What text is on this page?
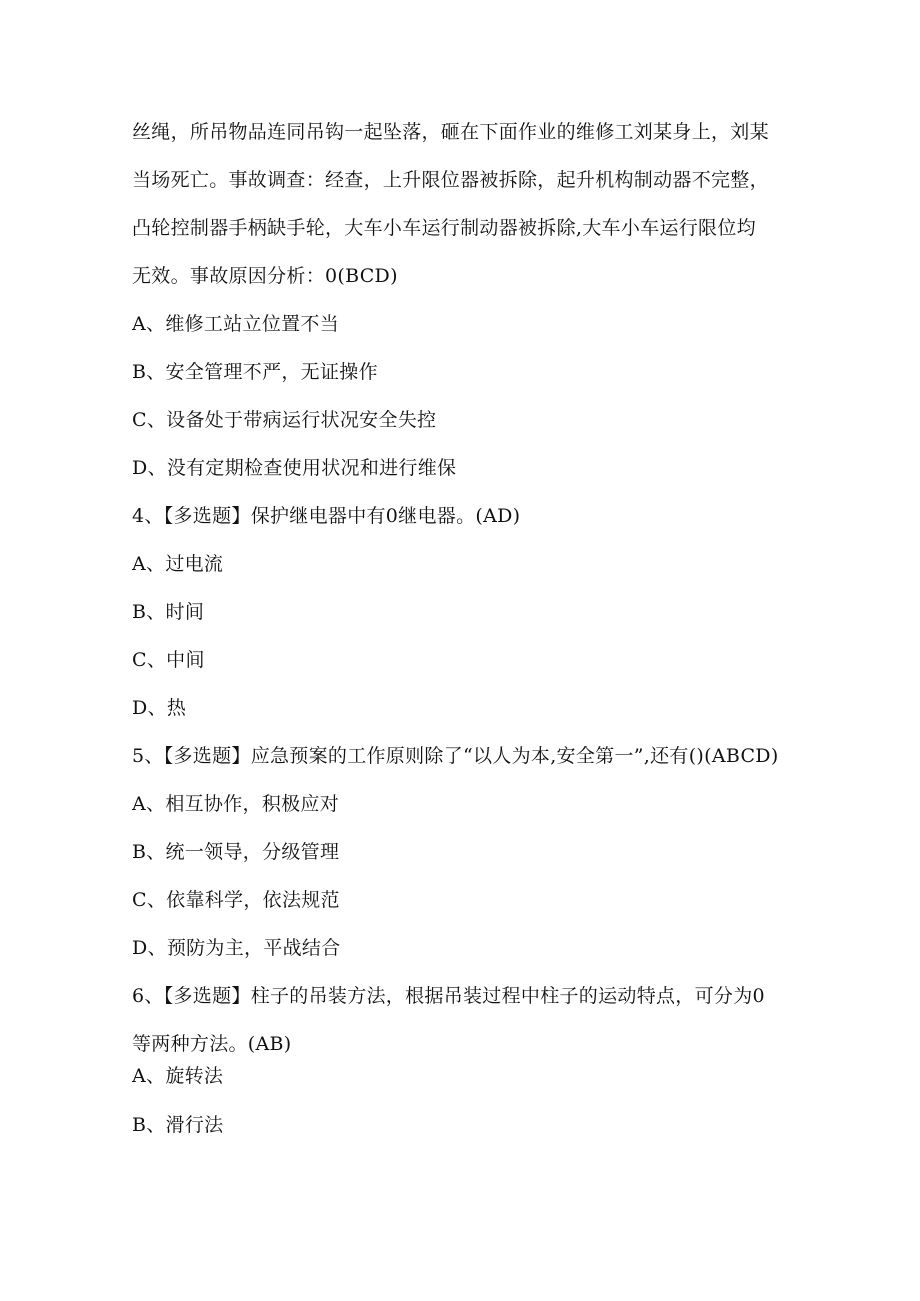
丝绳，所吊物品连同吊钩一起坠落，砸在下面作业的维修工刘某身上，刘某
当场死亡。事故调查：经查，上升限位器被拆除，起升机构制动器不完整，
凸轮控制器手柄缺手轮，大车小车运行制动器被拆除,大车小车运行限位均
无效。事故原因分析：0(BCD)
A、维修工站立位置不当
B、安全管理不严，无证操作
C、设备处于带病运行状况安全失控
D、没有定期检查使用状况和进行维保
4、【多选题】保护继电器中有0继电器。(AD)
A、过电流
B、时间
C、中间
D、热
5、【多选题】应急预案的工作原则除了“以人为本,安全第一”,还有()(ABCD)
A、相互协作，积极应对
B、统一领导，分级管理
C、依靠科学，依法规范
D、预防为主，平战结合
6、【多选题】柱子的吊装方法，根据吊装过程中柱子的运动特点，可分为0
等两种方法。(AB)
A、旋转法
B、滑行法
